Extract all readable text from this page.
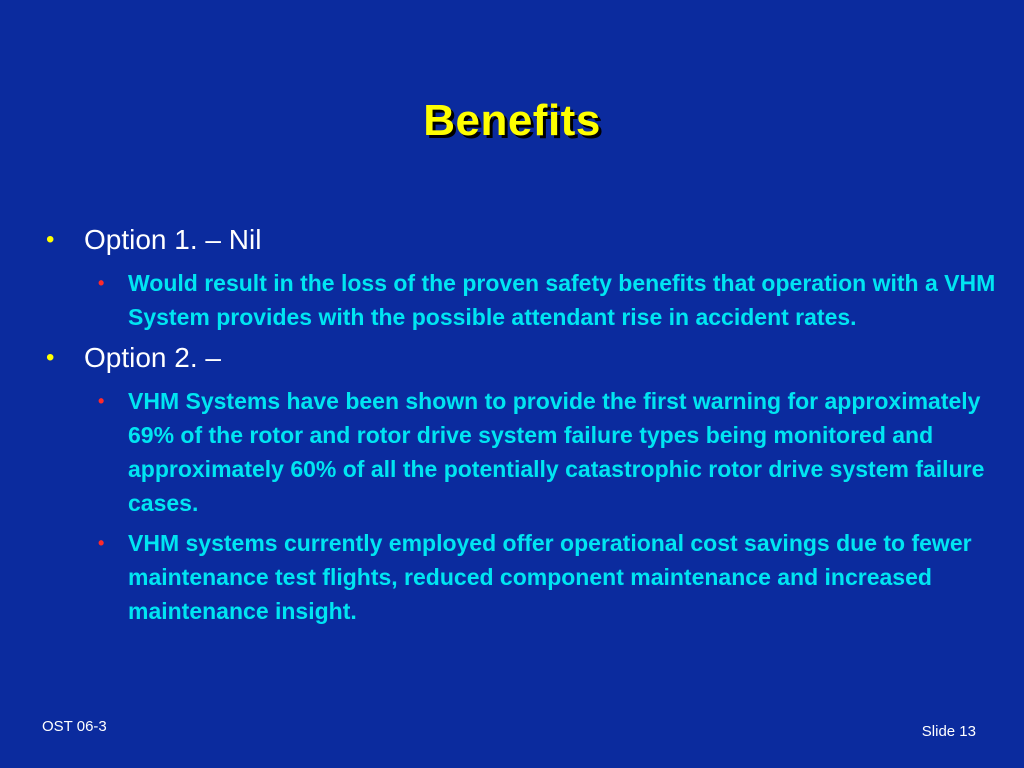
Benefits
• Option 1. – Nil
• Would result in the loss of the proven safety benefits that operation with a VHM System provides with the possible attendant rise in accident rates.
• Option 2. –
• VHM Systems have been shown to provide the first warning for approximately 69% of the rotor and rotor drive system failure types being monitored and approximately 60% of all the potentially catastrophic rotor drive system failure cases.
• VHM systems currently employed offer operational cost savings due to fewer maintenance test flights, reduced component maintenance and increased maintenance insight.
OST 06-3	Slide 13
